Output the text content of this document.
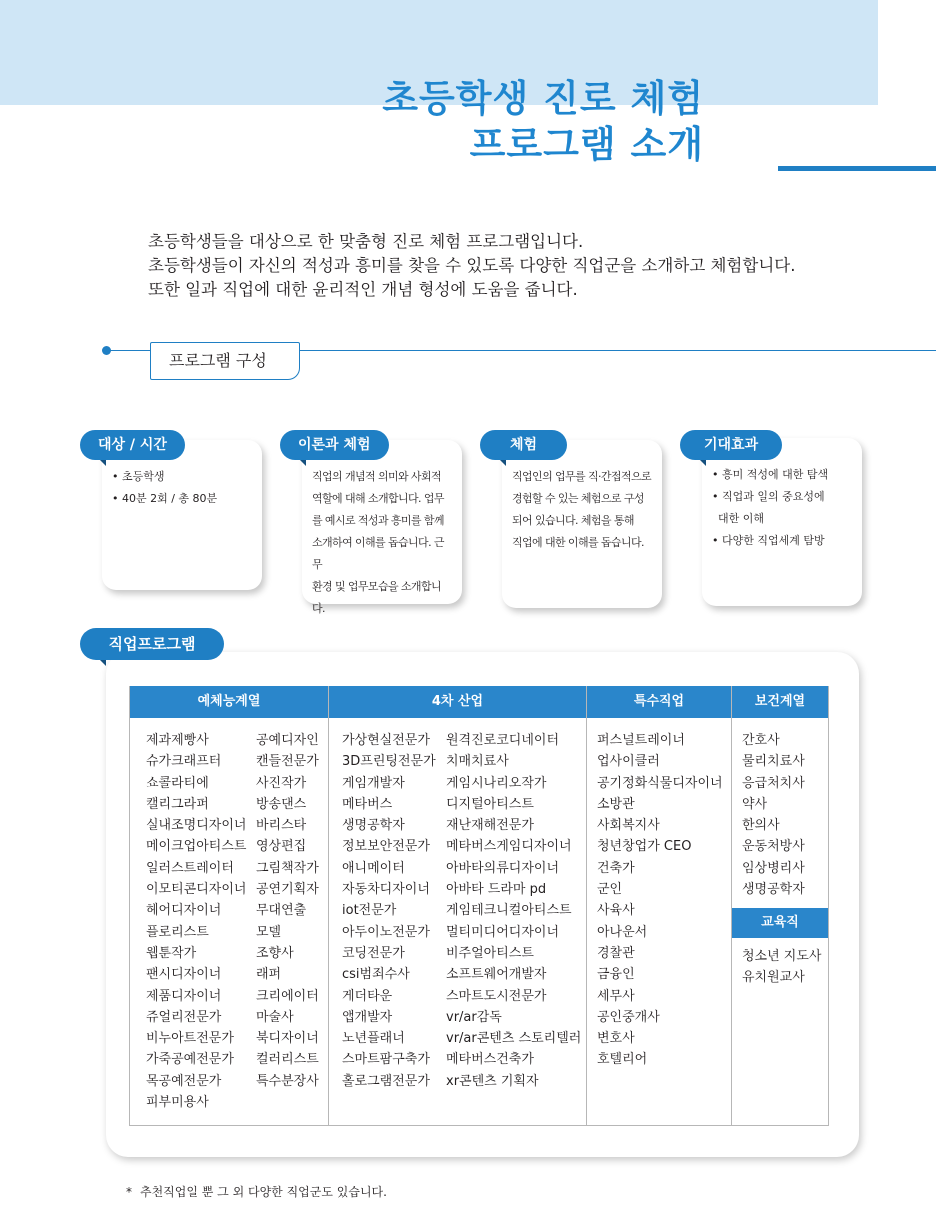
초등학생 진로 체험
프로그램 소개

초등학생들을 대상으로 한 맞춤형 진로 체험 프로그램입니다.

초등학생들이 자신의 적성과 흥미를 찾을 수 있도록 다양한 직업군을 소개하고 체험합니다.

또한 일과 직업에 대한 윤리적인 개념 형성에 도움을 줍니다.

프로그램 구성
대상 / 시간
• 초등학생
• 40분 2회 / 총 80분
이론과 체험

직업의 개념적 의미와 사회적

역할에 대해 소개합니다. 업무

를 예시로 적성과 흥미를 함께

소개하여 이해를 돕습니다. 근무

환경 및 업무모습을 소개합니다.

체험

직업인의 업무를 직·간접적으로

경험할 수 있는 체험으로 구성

되어 있습니다. 체험을 통해

직업에 대한 이해를 돕습니다.

기대효과
• 흥미 적성에 대한 탐색
• 직업과 일의 중요성에
대한 이해
• 다양한 직업세계 탐방
직업프로그램
예체능계열
제과제빵사
슈가크래프터
쇼콜라티에
캘리그라퍼
실내조명디자이너
메이크업아티스트
일러스트레이터
이모티콘디자이너
헤어디자이너
플로리스트
웹툰작가
팬시디자이너
제품디자이너
쥬얼리전문가
비누아트전문가
가죽공예전문가
목공예전문가
피부미용사
공예디자인
캔들전문가
사진작가
방송댄스
바리스타
영상편집
그림책작가
공연기획자
무대연출
모델
조향사
래퍼
크리에이터
마술사
북디자이너
컬러리스트
특수분장사
4차 산업
가상현실전문가
3D프린팅전문가
게임개발자
메타버스
생명공학자
정보보안전문가
애니메이터
자동차디자이너
iot전문가
아두이노전문가
코딩전문가
csi범죄수사
게더타운
앱개발자
노년플래너
스마트팜구축가
홀로그램전문가
원격진로코디네이터
치매치료사
게임시나리오작가
디지털아티스트
재난재해전문가
메타버스게임디자이너
아바타의류디자이너
아바타 드라마 pd
게임테크니컬아티스트
멀티미디어디자이너
비주얼아티스트
소프트웨어개발자
스마트도시전문가
vr/ar감독
vr/ar콘텐츠 스토리텔러
메타버스건축가
xr콘텐츠 기획자
특수직업
퍼스널트레이너
업사이클러
공기정화식물디자이너
소방관
사회복지사
청년창업가 CEO
건축가
군인
사육사
아나운서
경찰관
금융인
세무사
공인중개사
변호사
호텔리어
보건계열
간호사
물리치료사
응급처치사
약사
한의사
운동처방사
임상병리사
생명공학자
교육직
청소년 지도사
유치원교사
* 추천직업일 뿐 그 외 다양한 직업군도 있습니다.
